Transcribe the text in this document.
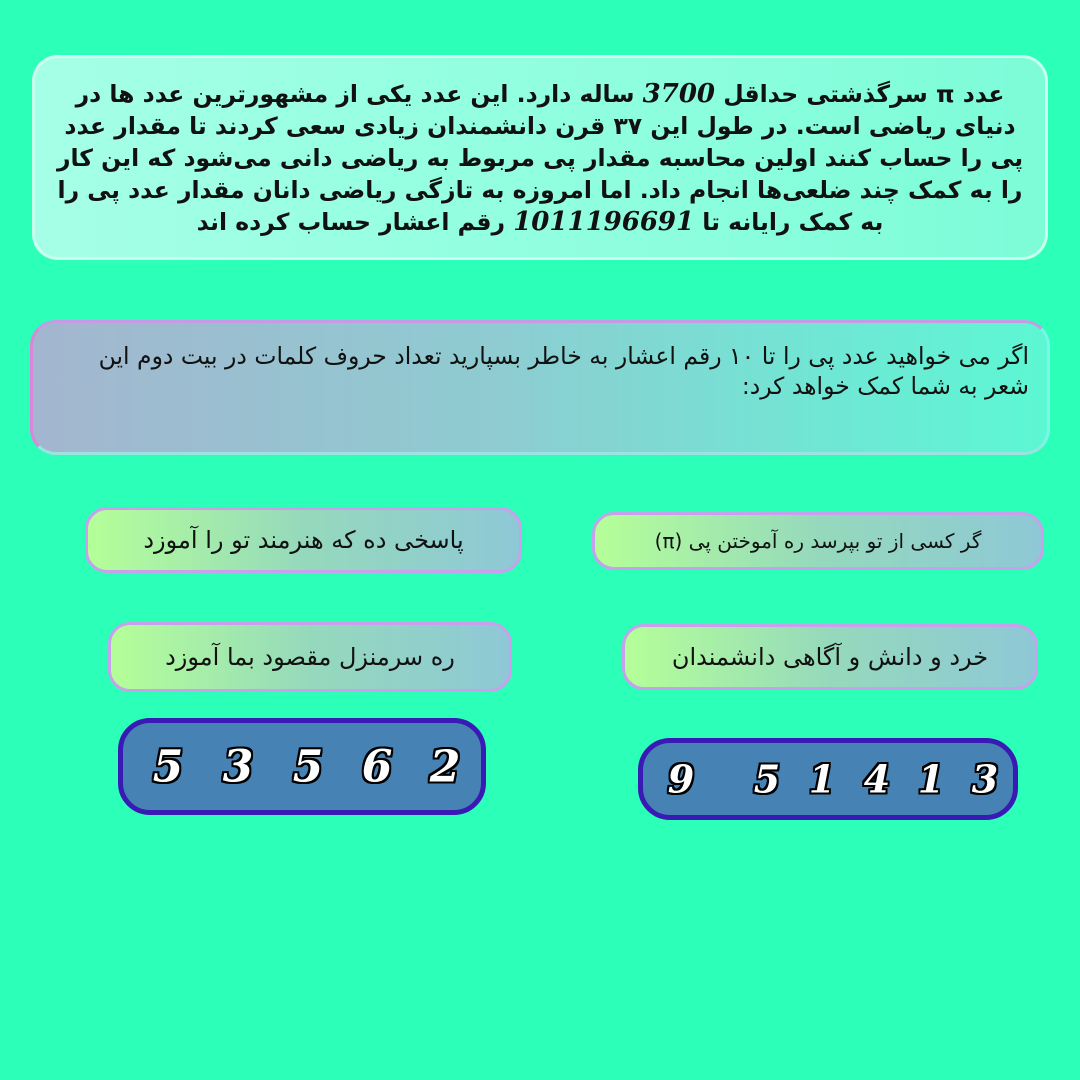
عدد π سرگذشتی حداقل 3700 ساله دارد. این عدد یکی از مشهورترین عدد ها در دنیای ریاضی است. در طول این ۳۷ قرن دانشمندان زیادی سعی کردند تا مقدار عدد پی را حساب کنند اولین محاسبه مقدار پی مربوط به ریاضی دانی می‌شود که این کار را به کمک چند ضلعی‌ها انجام داد. اما امروزه به تازگی ریاضی دانان مقدار عدد پی را به کمک رایانه تا 1011196691 رقم اعشار حساب کرده اند
اگر می خواهید عدد پی را تا ۱۰ رقم اعشار به خاطر بسپارید تعداد حروف کلمات در بیت دوم این شعر به شما کمک خواهد کرد:
گر کسی از تو بپرسد ره آموختن پی (π)
پاسخی ده که هنرمند تو را آموزد
خرد و دانش و آگاهی دانشمندان
ره سرمنزل مقصود بما آموزد
9 5 1 4 1 3
5 3 5 6 2
